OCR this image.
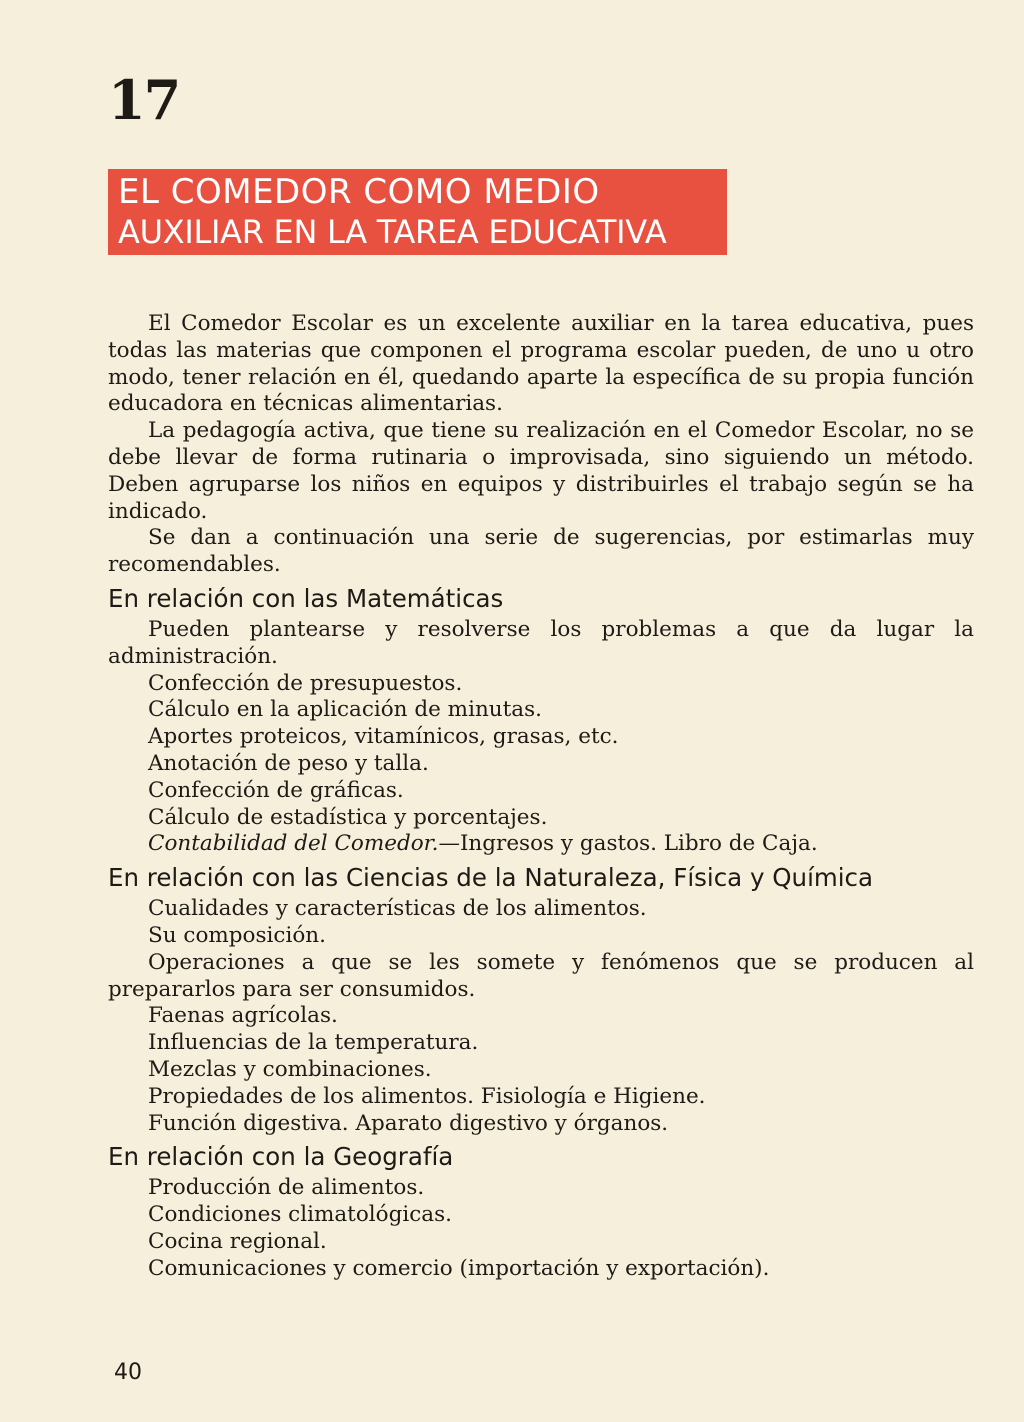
17
EL COMEDOR COMO MEDIO
AUXILIAR EN LA TAREA EDUCATIVA

El Comedor Escolar es un excelente auxiliar en la tarea educativa, pues todas las materias que componen el programa escolar pueden, de uno u otro modo, tener relación en él, quedando aparte la específica de su propia función educadora en técnicas alimentarias.

La pedagogía activa, que tiene su realización en el Comedor Escolar, no se debe llevar de forma rutinaria o improvisada, sino siguiendo un método. Deben agruparse los niños en equipos y distribuirles el trabajo según se ha indicado.

Se dan a continuación una serie de sugerencias, por estimarlas muy recomendables.

En relación con las Matemáticas
Pueden plantearse y resolverse los problemas a que da lugar la administración.
Confección de presupuestos.
Cálculo en la aplicación de minutas.
Aportes proteicos, vitamínicos, grasas, etc.
Anotación de peso y talla.
Confección de gráficas.
Cálculo de estadística y porcentajes.
Contabilidad del Comedor.—Ingresos y gastos. Libro de Caja.
En relación con las Ciencias de la Naturaleza, Física y Química
Cualidades y características de los alimentos.
Su composición.
Operaciones a que se les somete y fenómenos que se producen al prepararlos para ser consumidos.
Faenas agrícolas.
Influencias de la temperatura.
Mezclas y combinaciones.
Propiedades de los alimentos. Fisiología e Higiene.
Función digestiva. Aparato digestivo y órganos.
En relación con la Geografía
Producción de alimentos.
Condiciones climatológicas.
Cocina regional.
Comunicaciones y comercio (importación y exportación).
40
